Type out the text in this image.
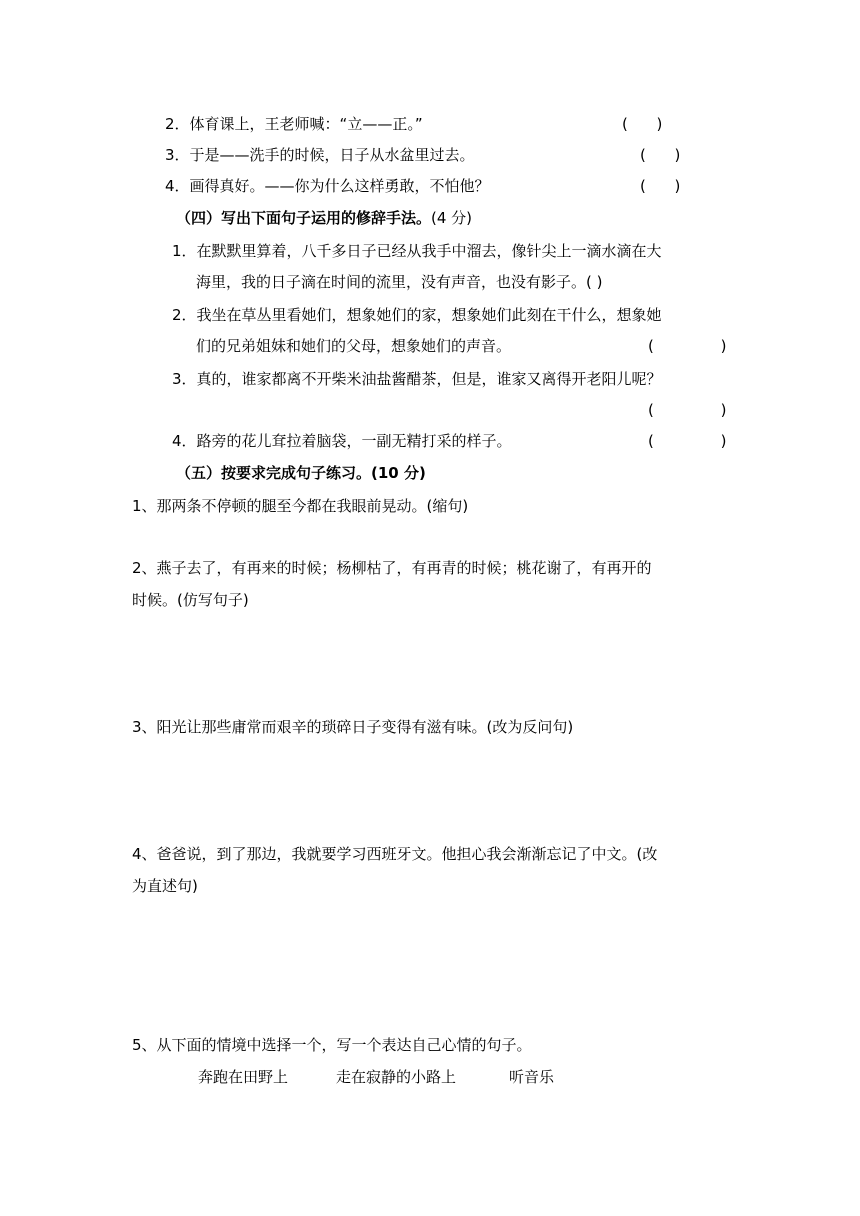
2．体育课上，王老师喊：“立——正。”	(      )
3．于是——洗手的时候，日子从水盆里过去。	(      )
4．画得真好。——你为什么这样勇敢，不怕他？	(      )
（四）写出下面句子运用的修辞手法。(4 分)
1．在默默里算着，八千多日子已经从我手中溜去，像针尖上一滴水滴在大
海里，我的日子滴在时间的流里，没有声音，也没有影子。( )
2．我坐在草丛里看她们，想象她们的家，想象她们此刻在干什么，想象她
们的兄弟姐妹和她们的父母，想象她们的声音。	(              )
3．真的，谁家都离不开柴米油盐酱醋茶，但是，谁家又离得开老阳儿呢？
(              )
4．路旁的花儿耷拉着脑袋，一副无精打采的样子。	(              )
（五）按要求完成句子练习。(10 分)
1、那两条不停顿的腿至今都在我眼前晃动。(缩句)
2、燕子去了，有再来的时候；杨柳枯了，有再青的时候；桃花谢了，有再开的
时候。(仿写句子)
3、阳光让那些庸常而艰辛的琐碎日子变得有滋有味。(改为反问句)
4、爸爸说，到了那边，我就要学习西班牙文。他担心我会渐渐忘记了中文。(改
为直述句)
5、从下面的情境中选择一个，写一个表达自己心情的句子。
奔跑在田野上	走在寂静的小路上	听音乐
